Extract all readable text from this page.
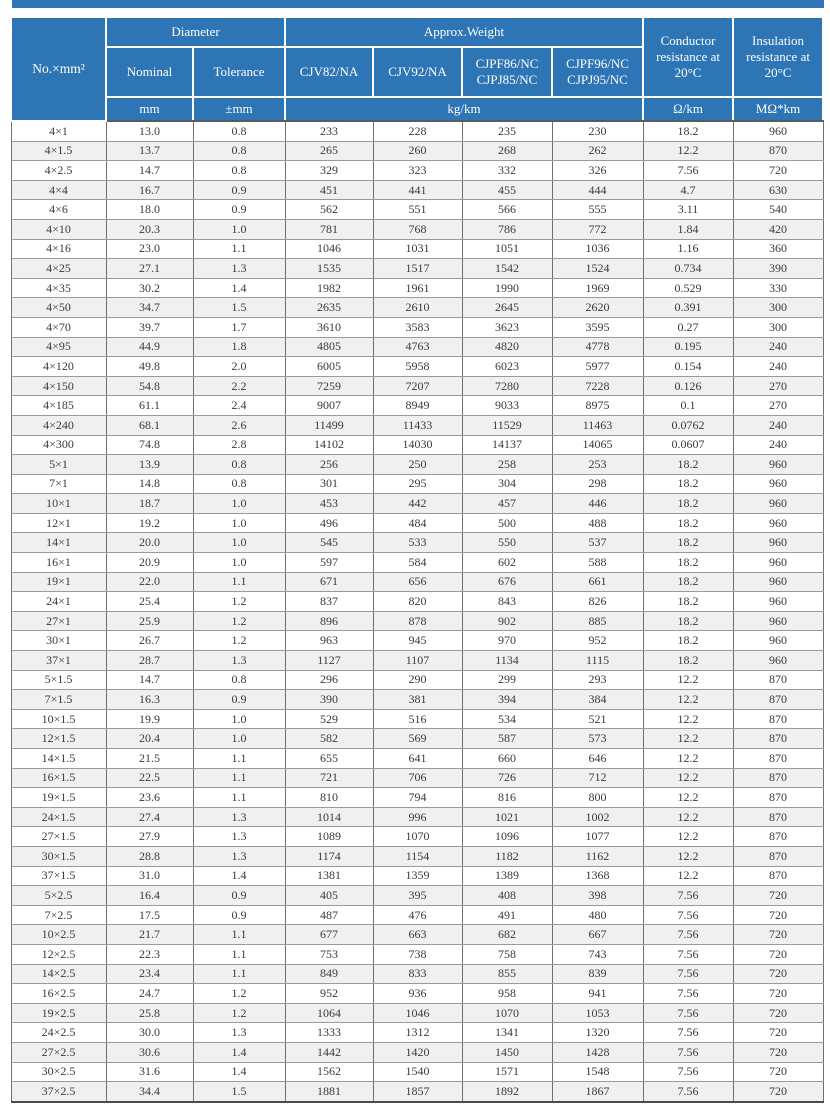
No.×mm²	Diameter		Approx.Weight				Conductor resistance at 20°C	Insulation resistance at 20°C
	Nominal	Tolerance	CJV82/NA	CJV92/NA	CJPF86/NC CJPJ85/NC	CJPF96/NC CJPJ95/NC		
	mm	±mm	kg/km				Ω/km	MΩ*km
4×1	13.0	0.8	233	228	235	230	18.2	960
4×1.5	13.7	0.8	265	260	268	262	12.2	870
4×2.5	14.7	0.8	329	323	332	326	7.56	720
4×4	16.7	0.9	451	441	455	444	4.7	630
4×6	18.0	0.9	562	551	566	555	3.11	540
4×10	20.3	1.0	781	768	786	772	1.84	420
4×16	23.0	1.1	1046	1031	1051	1036	1.16	360
4×25	27.1	1.3	1535	1517	1542	1524	0.734	390
4×35	30.2	1.4	1982	1961	1990	1969	0.529	330
4×50	34.7	1.5	2635	2610	2645	2620	0.391	300
4×70	39.7	1.7	3610	3583	3623	3595	0.27	300
4×95	44.9	1.8	4805	4763	4820	4778	0.195	240
4×120	49.8	2.0	6005	5958	6023	5977	0.154	240
4×150	54.8	2.2	7259	7207	7280	7228	0.126	270
4×185	61.1	2.4	9007	8949	9033	8975	0.1	270
4×240	68.1	2.6	11499	11433	11529	11463	0.0762	240
4×300	74.8	2.8	14102	14030	14137	14065	0.0607	240
5×1	13.9	0.8	256	250	258	253	18.2	960
7×1	14.8	0.8	301	295	304	298	18.2	960
10×1	18.7	1.0	453	442	457	446	18.2	960
12×1	19.2	1.0	496	484	500	488	18.2	960
14×1	20.0	1.0	545	533	550	537	18.2	960
16×1	20.9	1.0	597	584	602	588	18.2	960
19×1	22.0	1.1	671	656	676	661	18.2	960
24×1	25.4	1.2	837	820	843	826	18.2	960
27×1	25.9	1.2	896	878	902	885	18.2	960
30×1	26.7	1.2	963	945	970	952	18.2	960
37×1	28.7	1.3	1127	1107	1134	1115	18.2	960
5×1.5	14.7	0.8	296	290	299	293	12.2	870
7×1.5	16.3	0.9	390	381	394	384	12.2	870
10×1.5	19.9	1.0	529	516	534	521	12.2	870
12×1.5	20.4	1.0	582	569	587	573	12.2	870
14×1.5	21.5	1.1	655	641	660	646	12.2	870
16×1.5	22.5	1.1	721	706	726	712	12.2	870
19×1.5	23.6	1.1	810	794	816	800	12.2	870
24×1.5	27.4	1.3	1014	996	1021	1002	12.2	870
27×1.5	27.9	1.3	1089	1070	1096	1077	12.2	870
30×1.5	28.8	1.3	1174	1154	1182	1162	12.2	870
37×1.5	31.0	1.4	1381	1359	1389	1368	12.2	870
5×2.5	16.4	0.9	405	395	408	398	7.56	720
7×2.5	17.5	0.9	487	476	491	480	7.56	720
10×2.5	21.7	1.1	677	663	682	667	7.56	720
12×2.5	22.3	1.1	753	738	758	743	7.56	720
14×2.5	23.4	1.1	849	833	855	839	7.56	720
16×2.5	24.7	1.2	952	936	958	941	7.56	720
19×2.5	25.8	1.2	1064	1046	1070	1053	7.56	720
24×2.5	30.0	1.3	1333	1312	1341	1320	7.56	720
27×2.5	30.6	1.4	1442	1420	1450	1428	7.56	720
30×2.5	31.6	1.4	1562	1540	1571	1548	7.56	720
37×2.5	34.4	1.5	1881	1857	1892	1867	7.56	720
